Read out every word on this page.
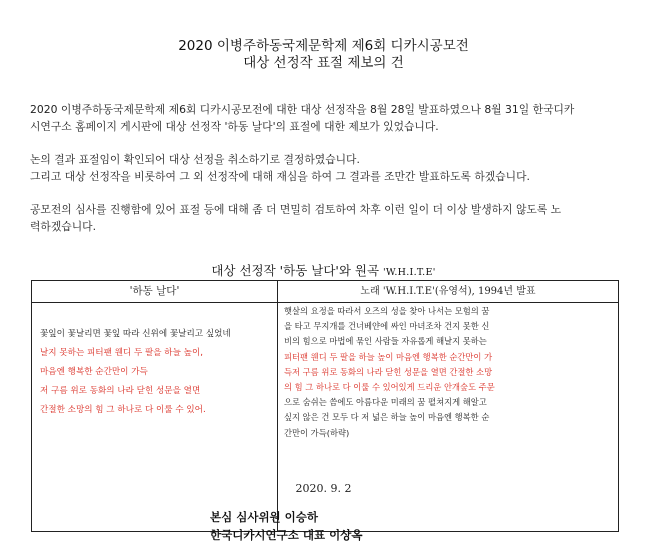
2020 이병주하동국제문학제 제6회 디카시공모전
대상 선정작 표절 제보의 건
2020 이병주하동국제문학제 제6회 디카시공모전에 대한 대상 선정작을 8월 28일 발표하였으나 8월 31일 한국디카
시연구소 홈페이지 게시판에 대상 선정작 '하동 날다'의 표절에 대한 제보가 있었습니다.
논의 결과 표절임이 확인되어 대상 선정을 취소하기로 결정하였습니다.
그리고 대상 선정작을 비롯하여 그 외 선정작에 대해 재심을 하여 그 결과를 조만간 발표하도록 하겠습니다.
공모전의 심사를 진행함에 있어 표절 등에 대해 좀 더 면밀히 검토하여 차후 이런 일이 더 이상 발생하지 않도록 노
력하겠습니다.
대상 선정작 '하동 날다'와 원곡 'W.H.I.T.E'
'하동 날다'	노래 'W.H.I.T.E'(유영석), 1994년 발표
꽃잎이 꽃날리면 꽃잎 따라 신위에 꽃날리고 싶었네
날지 못하는 피터팬 웬디 두 팔을 하늘 높이,
마음엔 행복한 순간만이 가득
저 구름 위로 동화의 나라 닫힌 성문을 열면
간절한 소망의 힘 그 하나로 다 이룰 수 있어.
햇살의 요정을 따라서 오즈의 성을 찾아 나서는 모험의 꿈
을 타고 무지개를 건너베얀에 싸인 마녀조차 건지 못한 신
비의 힘으로 마법에 묶인 사람들 자유롭게 해날지 못하는
피터팬 웬디 두 팔을 하늘 높이 마음엔 행복한 순간만이 가
득저 구름 위로 동화의 나라 닫힌 성문을 열면 간절한 소망
의 힘 그 하나로 다 이룰 수 있어있게 드리운 안개숲도 주문
으로 숨쉬는 씀에도 아름다운 미래의 꿈 펼쳐지게 해알고
싶지 않은 건 모두 다 저 넓은 하늘 높이 마음엔 행복한 순
간만이 가득(하략)
2020. 9. 2
본심 심사위원 이승하
한국디카시연구소 대표 이상옥
